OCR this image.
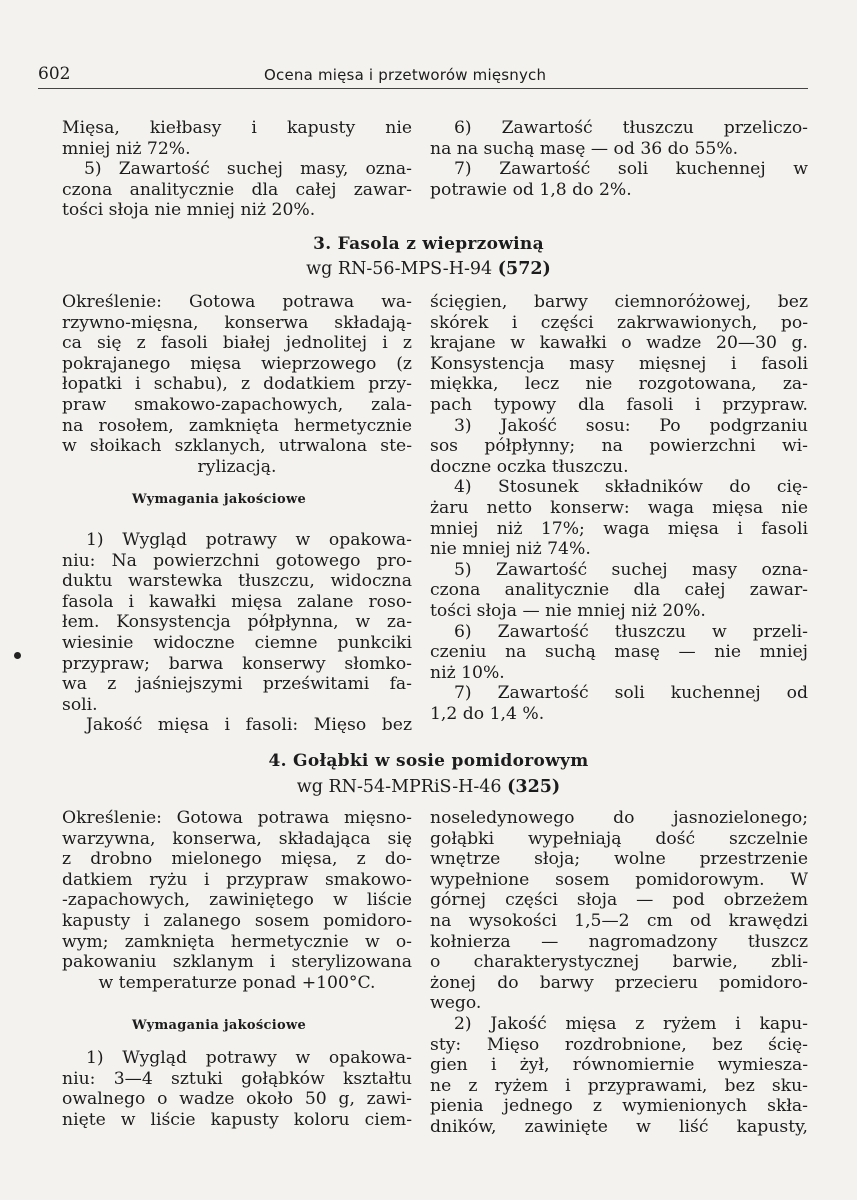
602	Ocena mięsa i przetworów mięsnych
Mięsa, kiełbasy i kapusty nie
mniej niż 72%.
5) Zawartość suchej masy, ozna-
czona analitycznie dla całej zawar-
tości słoja nie mniej niż 20%.
6) Zawartość tłuszczu przeliczo-
na na suchą masę — od 36 do 55%.
7) Zawartość soli kuchennej w
potrawie od 1,8 do 2%.
3. Fasola z wieprzowiną
wg RN-56-MPS-H-94 (572)
Określenie: Gotowa potrawa wa-
rzywno-mięsna, konserwa składają-
ca się z fasoli białej jednolitej i z
pokrajanego mięsa wieprzowego (z
łopatki i schabu), z dodatkiem przy-
praw smakowo-zapachowych, zala-
na rosołem, zamknięta hermetycznie
w słoikach szklanych, utrwalona ste-
rylizacją.
Wymagania jakościowe
1) Wygląd potrawy w opakowa-
niu: Na powierzchni gotowego pro-
duktu warstewka tłuszczu, widoczna
fasola i kawałki mięsa zalane roso-
łem. Konsystencja półpłynna, w za-
wiesinie widoczne ciemne punkciki
przypraw; barwa konserwy słomko-
wa z jaśniejszymi prześwitami fa-
soli.
Jakość mięsa i fasoli: Mięso bez
ścięgien, barwy ciemnoróżowej, bez
skórek i części zakrwawionych, po-
krajane w kawałki o wadze 20—30 g.
Konsystencja masy mięsnej i fasoli
miękka, lecz nie rozgotowana, za-
pach typowy dla fasoli i przypraw.
3) Jakość sosu: Po podgrzaniu
sos półpłynny; na powierzchni wi-
doczne oczka tłuszczu.
4) Stosunek składników do cię-
żaru netto konserw: waga mięsa nie
mniej niż 17%; waga mięsa i fasoli
nie mniej niż 74%.
5) Zawartość suchej masy ozna-
czona analitycznie dla całej zawar-
tości słoja — nie mniej niż 20%.
6) Zawartość tłuszczu w przeli-
czeniu na suchą masę — nie mniej
niż 10%.
7) Zawartość soli kuchennej od
1,2 do 1,4 %.
4. Gołąbki w sosie pomidorowym
wg RN-54-MPRiS-H-46 (325)
Określenie: Gotowa potrawa mięsno-
warzywna, konserwa, składająca się
z drobno mielonego mięsa, z do-
datkiem ryżu i przypraw smakowo-
-zapachowych, zawiniętego w liście
kapusty i zalanego sosem pomidoro-
wym; zamknięta hermetycznie w o-
pakowaniu szklanym i sterylizowana
w temperaturze ponad +100°C.
Wymagania jakościowe
1) Wygląd potrawy w opakowa-
niu: 3—4 sztuki gołąbków kształtu
owalnego o wadze około 50 g, zawi-
nięte w liście kapusty koloru ciem-
noseledynowego do jasnozielonego;
gołąbki wypełniają dość szczelnie
wnętrze słoja; wolne przestrzenie
wypełnione sosem pomidorowym. W
górnej części słoja — pod obrzeżem
na wysokości 1,5—2 cm od krawędzi
kołnierza — nagromadzony tłuszcz
o charakterystycznej barwie, zbli-
żonej do barwy przecieru pomidoro-
wego.
2) Jakość mięsa z ryżem i kapu-
sty: Mięso rozdrobnione, bez ścię-
gien i żył, równomiernie wymiesza-
ne z ryżem i przyprawami, bez sku-
pienia jednego z wymienionych skła-
dników, zawinięte w liść kapusty,
